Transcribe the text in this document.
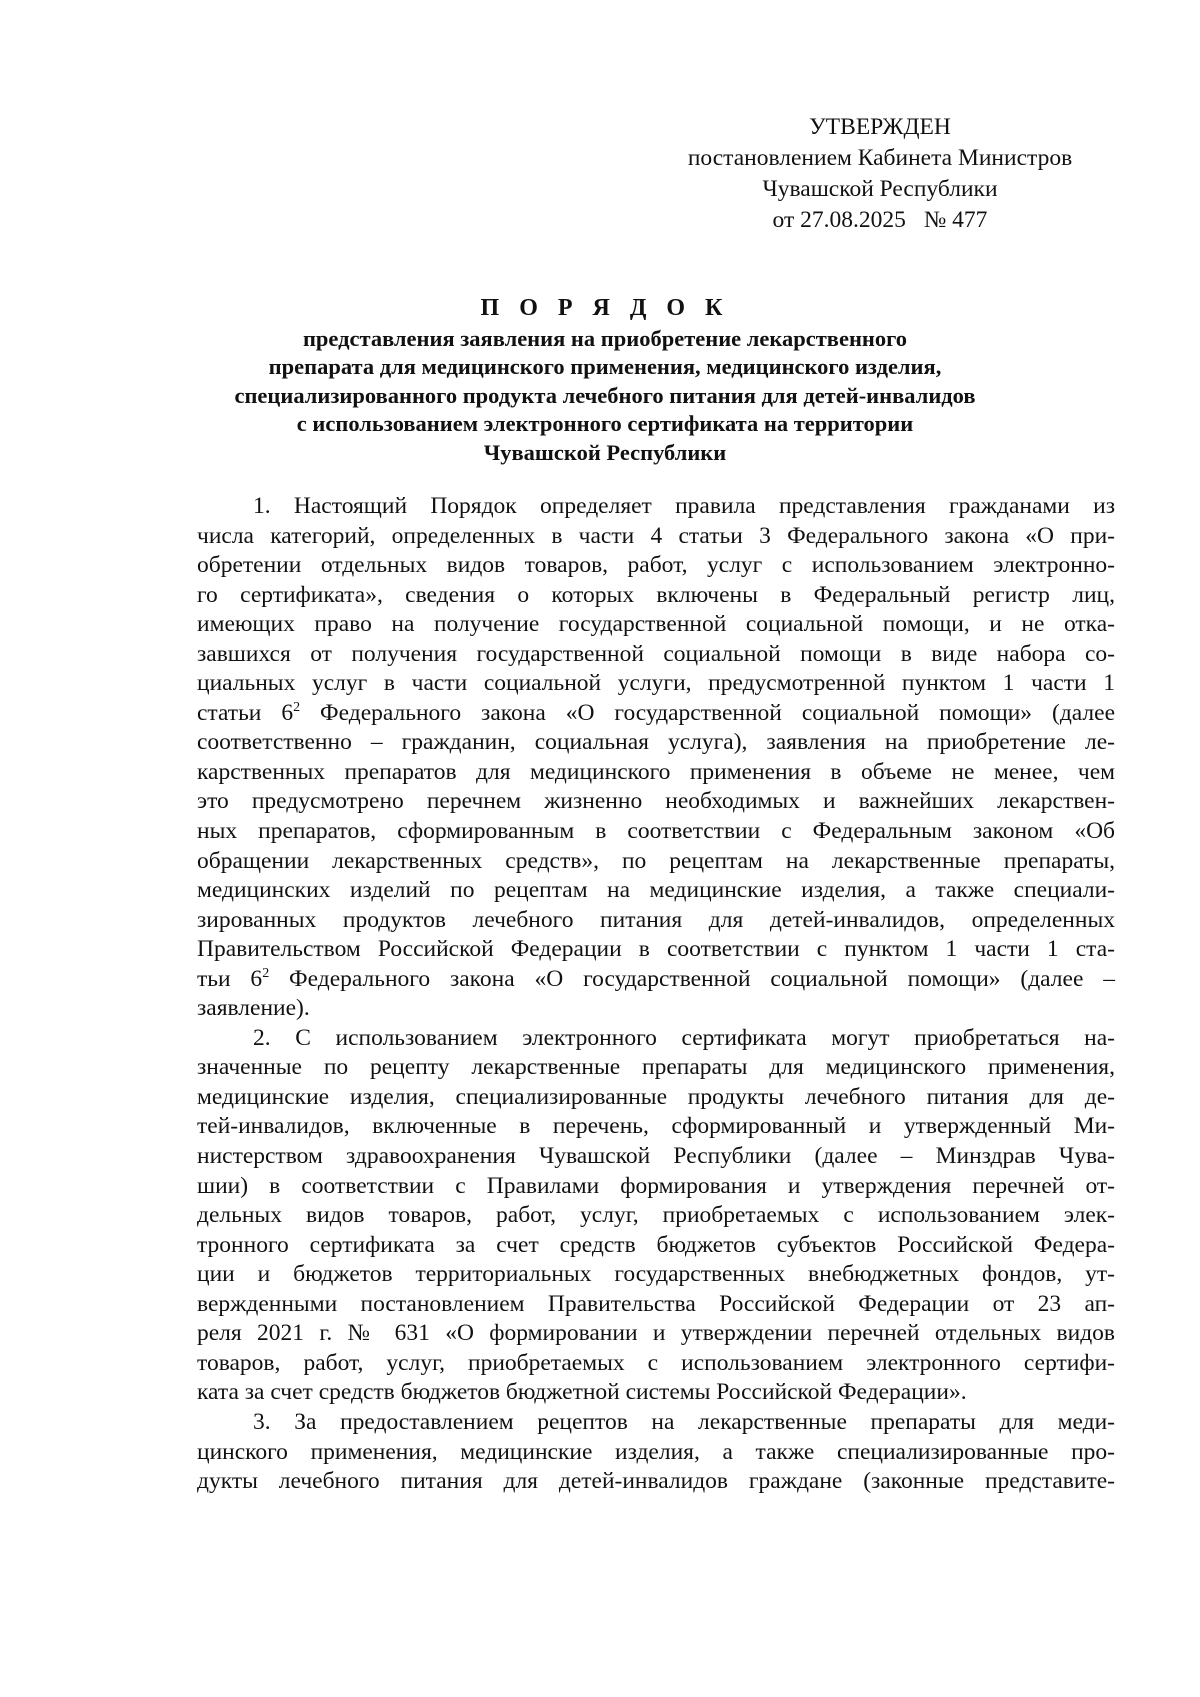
УТВЕРЖДЕН
постановлением Кабинета Министров
Чувашской Республики
от 27.08.2025 № 477
П О Р Я Д О К
представления заявления на приобретение лекарственного
препарата для медицинского применения, медицинского изделия,
специализированного продукта лечебного питания для детей-инвалидов
с использованием электронного сертификата на территории
Чувашской Республики
1. Настоящий Порядок определяет правила представления гражданами из
числа категорий, определенных в части 4 статьи 3 Федерального закона «О при-
обретении отдельных видов товаров, работ, услуг с использованием электронно-
го сертификата», сведения о которых включены в Федеральный регистр лиц,
имеющих право на получение государственной социальной помощи, и не отка-
завшихся от получения государственной социальной помощи в виде набора со-
циальных услуг в части социальной услуги, предусмотренной пунктом 1 части 1
статьи $6^2$ Федерального закона «О государственной социальной помощи» (далее
соответственно – гражданин, социальная услуга), заявления на приобретение ле-
карственных препаратов для медицинского применения в объеме не менее, чем
это предусмотрено перечнем жизненно необходимых и важнейших лекарствен-
ных препаратов, сформированным в соответствии с Федеральным законом «Об
обращении лекарственных средств», по рецептам на лекарственные препараты,
медицинских изделий по рецептам на медицинские изделия, а также специали-
зированных продуктов лечебного питания для детей-инвалидов, определенных
Правительством Российской Федерации в соответствии с пунктом 1 части 1 ста-
тьи $6^2$ Федерального закона «О государственной социальной помощи» (далее –
заявление).
2. С использованием электронного сертификата могут приобретаться на-
значенные по рецепту лекарственные препараты для медицинского применения,
медицинские изделия, специализированные продукты лечебного питания для де-
тей-инвалидов, включенные в перечень, сформированный и утвержденный Ми-
нистерством здравоохранения Чувашской Республики (далее – Минздрав Чува-
шии) в соответствии с Правилами формирования и утверждения перечней от-
дельных видов товаров, работ, услуг, приобретаемых с использованием элек-
тронного сертификата за счет средств бюджетов субъектов Российской Федера-
ции и бюджетов территориальных государственных внебюджетных фондов, ут-
вержденными постановлением Правительства Российской Федерации от 23 ап-
реля 2021 г. № 631 «О формировании и утверждении перечней отдельных видов
товаров, работ, услуг, приобретаемых с использованием электронного сертифи-
ката за счет средств бюджетов бюджетной системы Российской Федерации».
3. За предоставлением рецептов на лекарственные препараты для меди-
цинского применения, медицинские изделия, а также специализированные про-
дукты лечебного питания для детей-инвалидов граждане (законные представите-
